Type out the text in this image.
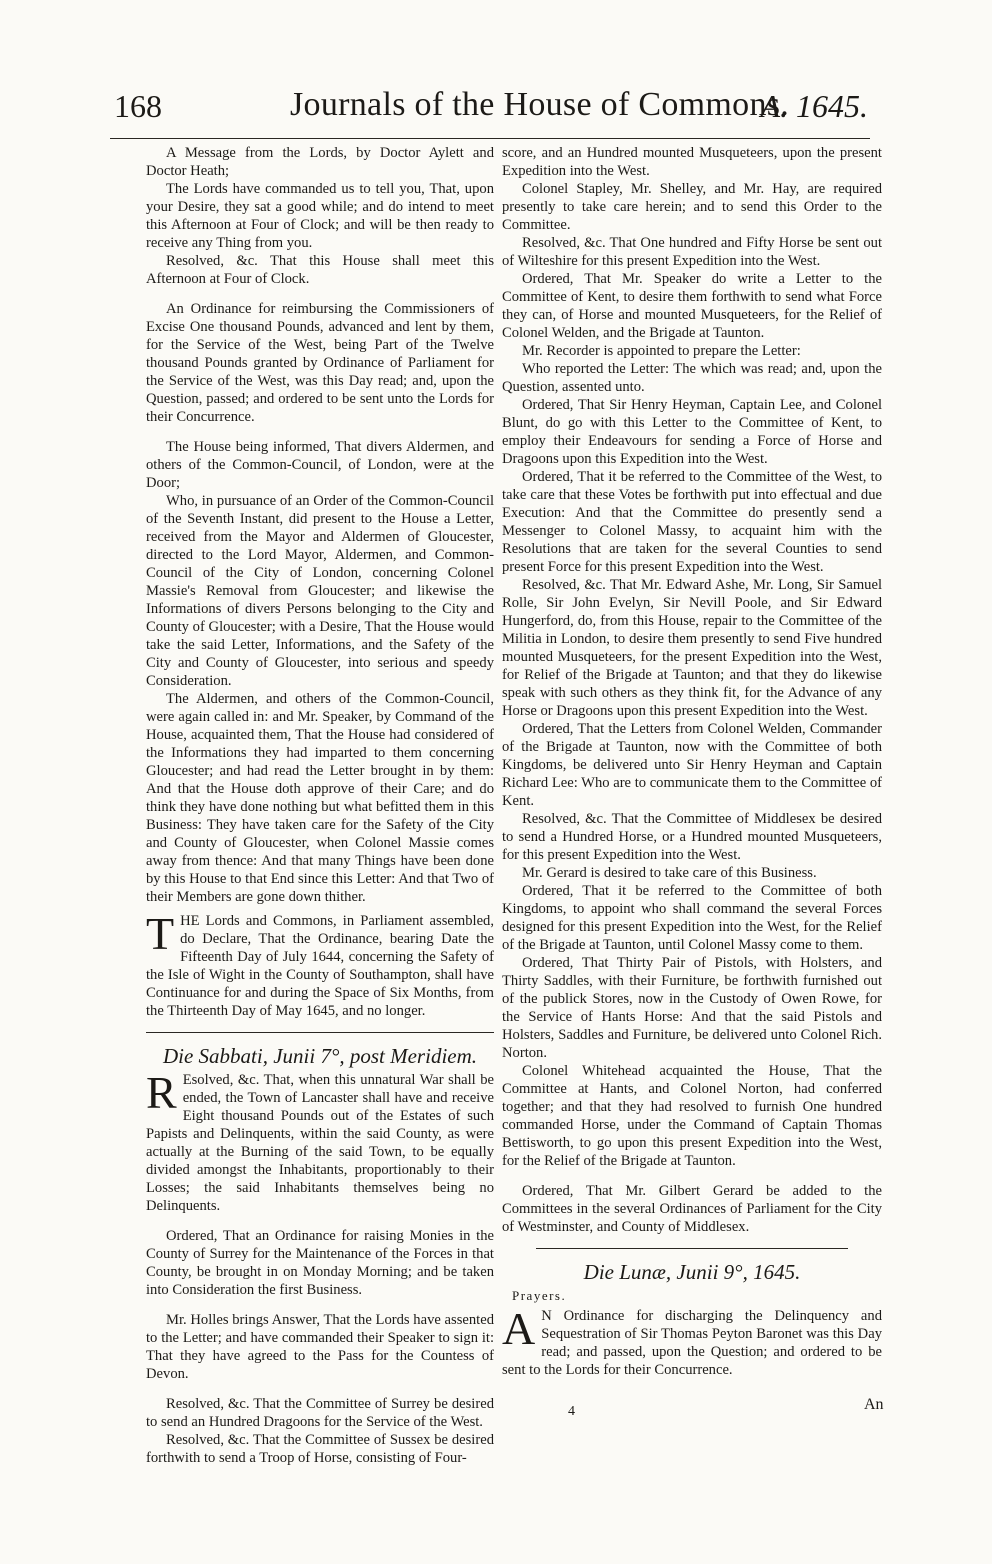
168	Journals of the House of Commons.
A. 1645.

A Message from the Lords, by Doctor Aylett and Doctor Heath;

The Lords have commanded us to tell you, That, upon your Desire, they sat a good while; and do intend to meet this Afternoon at Four of Clock; and will be then ready to receive any Thing from you.

Resolved, &c. That this House shall meet this Afternoon at Four of Clock.

An Ordinance for reimbursing the Commissioners of Excise One thousand Pounds, advanced and lent by them, for the Service of the West, being Part of the Twelve thousand Pounds granted by Ordinance of Parliament for the Service of the West, was this Day read; and, upon the Question, passed; and ordered to be sent unto the Lords for their Concurrence.

The House being informed, That divers Aldermen, and others of the Common-Council, of London, were at the Door;

Who, in pursuance of an Order of the Common-Council of the Seventh Instant, did present to the House a Letter, received from the Mayor and Aldermen of Gloucester, directed to the Lord Mayor, Aldermen, and Common-Council of the City of London, concerning Colonel Massie's Removal from Gloucester; and likewise the Informations of divers Persons belonging to the City and County of Gloucester; with a Desire, That the House would take the said Letter, Informations, and the Safety of the City and County of Gloucester, into serious and speedy Consideration.

The Aldermen, and others of the Common-Council, were again called in: and Mr. Speaker, by Command of the House, acquainted them, That the House had considered of the Informations they had imparted to them concerning Gloucester; and had read the Letter brought in by them: And that the House doth approve of their Care; and do think they have done nothing but what befitted them in this Business: They have taken care for the Safety of the City and County of Gloucester, when Colonel Massie comes away from thence: And that many Things have been done by this House to that End since this Letter: And that Two of their Members are gone down thither.

THE Lords and Commons, in Parliament assembled, do Declare, That the Ordinance, bearing Date the Fifteenth Day of July 1644, concerning the Safety of the Isle of Wight in the County of Southampton, shall have Continuance for and during the Space of Six Months, from the Thirteenth Day of May 1645, and no longer.

Die Sabbati, Junii 7°, post Meridiem.

R Esolved, &c. That, when this unnatural War shall be ended, the Town of Lancaster shall have and receive Eight thousand Pounds out of the Estates of such Papists and Delinquents, within the said County, as were actually at the Burning of the said Town, to be equally divided amongst the Inhabitants, proportionably to their Losses; the said Inhabitants themselves being no Delinquents.

Ordered, That an Ordinance for raising Monies in the County of Surrey for the Maintenance of the Forces in that County, be brought in on Monday Morning; and be taken into Consideration the first Business.

Mr. Holles brings Answer, That the Lords have assented to the Letter; and have commanded their Speaker to sign it: That they have agreed to the Pass for the Countess of Devon.

Resolved, &c. That the Committee of Surrey be desired to send an Hundred Dragoons for the Service of the West.

Resolved, &c. That the Committee of Sussex be desired forthwith to send a Troop of Horse, consisting of Four-

score, and an Hundred mounted Musqueteers, upon the present Expedition into the West.

Colonel Stapley, Mr. Shelley, and Mr. Hay, are required presently to take care herein; and to send this Order to the Committee.

Resolved, &c. That One hundred and Fifty Horse be sent out of Wilteshire for this present Expedition into the West.

Ordered, That Mr. Speaker do write a Letter to the Committee of Kent, to desire them forthwith to send what Force they can, of Horse and mounted Musqueteers, for the Relief of Colonel Welden, and the Brigade at Taunton.

Mr. Recorder is appointed to prepare the Letter:

Who reported the Letter: The which was read; and, upon the Question, assented unto.

Ordered, That Sir Henry Heyman, Captain Lee, and Colonel Blunt, do go with this Letter to the Committee of Kent, to employ their Endeavours for sending a Force of Horse and Dragoons upon this Expedition into the West.

Ordered, That it be referred to the Committee of the West, to take care that these Votes be forthwith put into effectual and due Execution: And that the Committee do presently send a Messenger to Colonel Massy, to acquaint him with the Resolutions that are taken for the several Counties to send present Force for this present Expedition into the West.

Resolved, &c. That Mr. Edward Ashe, Mr. Long, Sir Samuel Rolle, Sir John Evelyn, Sir Nevill Poole, and Sir Edward Hungerford, do, from this House, repair to the Committee of the Militia in London, to desire them presently to send Five hundred mounted Musqueteers, for the present Expedition into the West, for Relief of the Brigade at Taunton; and that they do likewise speak with such others as they think fit, for the Advance of any Horse or Dragoons upon this present Expedition into the West.

Ordered, That the Letters from Colonel Welden, Commander of the Brigade at Taunton, now with the Committee of both Kingdoms, be delivered unto Sir Henry Heyman and Captain Richard Lee: Who are to communicate them to the Committee of Kent.

Resolved, &c. That the Committee of Middlesex be desired to send a Hundred Horse, or a Hundred mounted Musqueteers, for this present Expedition into the West.

Mr. Gerard is desired to take care of this Business.

Ordered, That it be referred to the Committee of both Kingdoms, to appoint who shall command the several Forces designed for this present Expedition into the West, for the Relief of the Brigade at Taunton, until Colonel Massy come to them.

Ordered, That Thirty Pair of Pistols, with Holsters, and Thirty Saddles, with their Furniture, be forthwith furnished out of the publick Stores, now in the Custody of Owen Rowe, for the Service of Hants Horse: And that the said Pistols and Holsters, Saddles and Furniture, be delivered unto Colonel Rich. Norton.

Colonel Whitehead acquainted the House, That the Committee at Hants, and Colonel Norton, had conferred together; and that they had resolved to furnish One hundred commanded Horse, under the Command of Captain Thomas Bettisworth, to go upon this present Expedition into the West, for the Relief of the Brigade at Taunton.

Ordered, That Mr. Gilbert Gerard be added to the Committees in the several Ordinances of Parliament for the City of Westminster, and County of Middlesex.

Die Lunæ, Junii 9°, 1645.
Prayers.

A N Ordinance for discharging the Delinquency and Sequestration of Sir Thomas Peyton Baronet was this Day read; and passed, upon the Question; and ordered to be sent to the Lords for their Concurrence.

4	An
